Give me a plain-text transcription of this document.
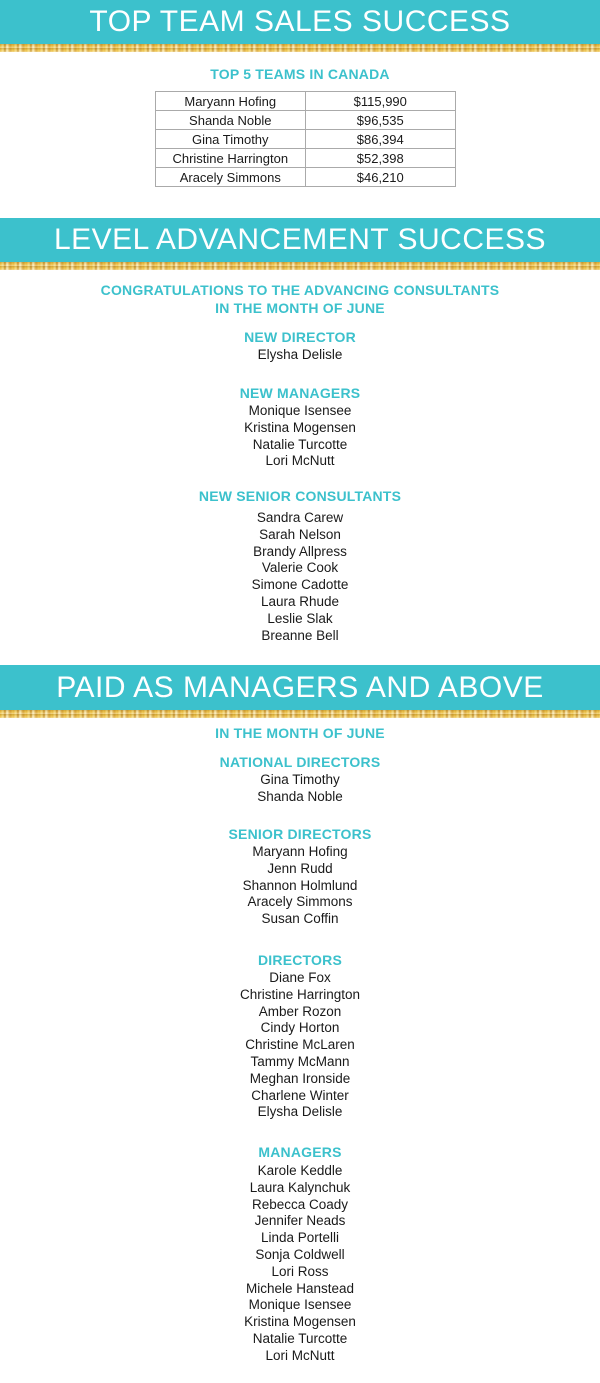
TOP TEAM SALES SUCCESS
TOP 5 TEAMS IN CANADA
Maryann Hofing	$115,990
Shanda Noble	$96,535
Gina Timothy	$86,394
Christine Harrington	$52,398
Aracely Simmons	$46,210
LEVEL ADVANCEMENT SUCCESS
CONGRATULATIONS TO THE ADVANCING CONSULTANTS
IN THE MONTH OF JUNE
NEW DIRECTOR
Elysha Delisle
NEW MANAGERS
Monique Isensee
Kristina Mogensen
Natalie Turcotte
Lori McNutt
NEW SENIOR CONSULTANTS
Sandra Carew
Sarah Nelson
Brandy Allpress
Valerie Cook
Simone Cadotte
Laura Rhude
Leslie Slak
Breanne Bell
PAID AS MANAGERS AND ABOVE
IN THE MONTH OF JUNE
NATIONAL DIRECTORS
Gina Timothy
Shanda Noble
SENIOR DIRECTORS
Maryann Hofing
Jenn Rudd
Shannon Holmlund
Aracely Simmons
Susan Coffin
DIRECTORS
Diane Fox
Christine Harrington
Amber Rozon
Cindy Horton
Christine McLaren
Tammy McMann
Meghan Ironside
Charlene Winter
Elysha Delisle
MANAGERS
Karole Keddle
Laura Kalynchuk
Rebecca Coady
Jennifer Neads
Linda Portelli
Sonja Coldwell
Lori Ross
Michele Hanstead
Monique Isensee
Kristina Mogensen
Natalie Turcotte
Lori McNutt
